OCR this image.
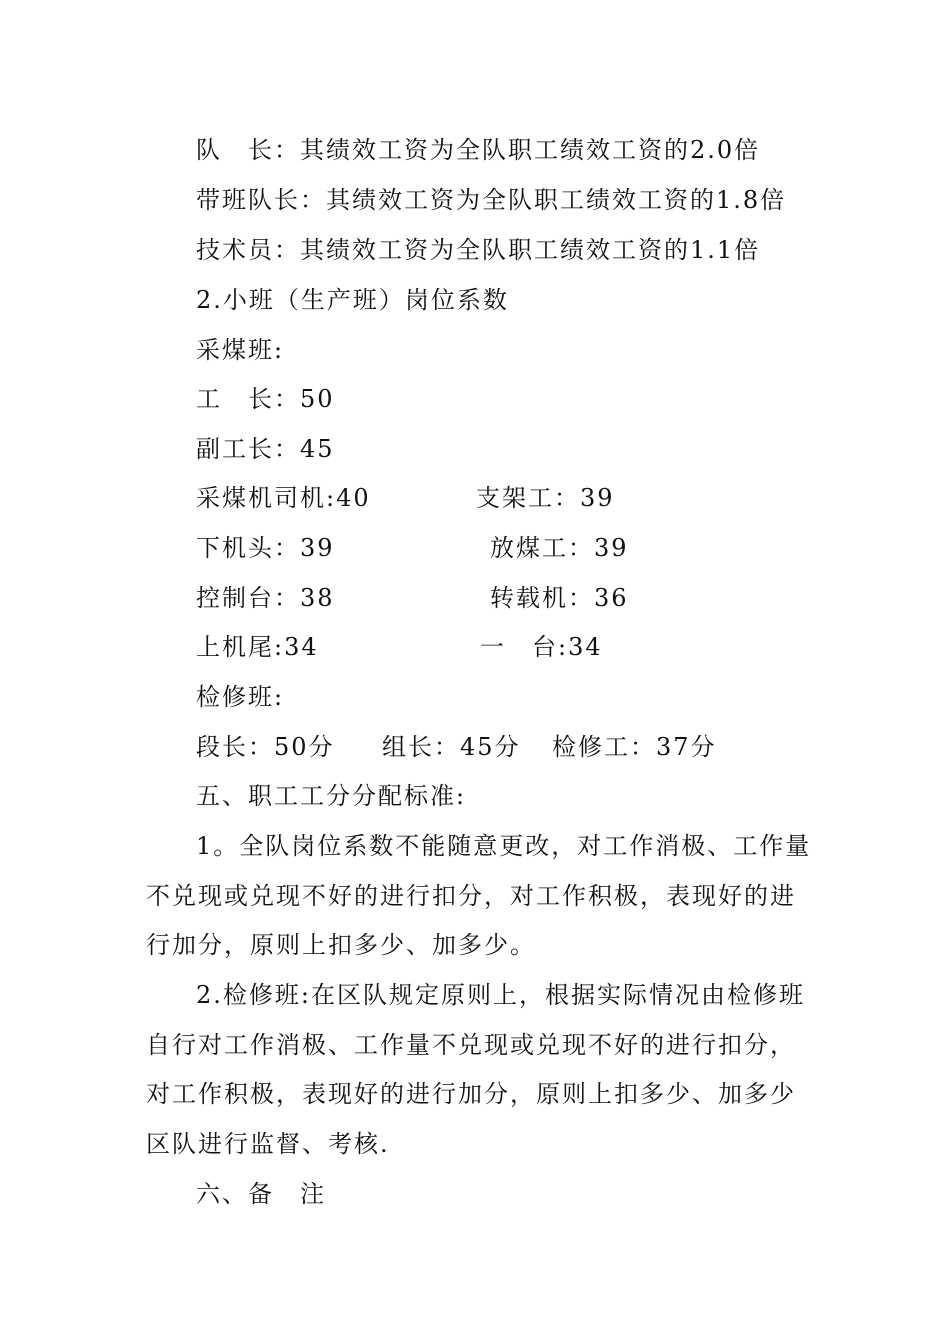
队　长：其绩效工资为全队职工绩效工资的2.0倍
带班队长：其绩效工资为全队职工绩效工资的1.8倍
技术员：其绩效工资为全队职工绩效工资的1.1倍
2.小班（生产班）岗位系数
采煤班:
工　长：50
副工长：45
采煤机司机:40	支架工：39
下机头：39	放煤工：39
控制台：38	转载机：36
上机尾:34	一　台:34
检修班:
段长：50分 组长：45分 检修工：37分
五、职工工分分配标准:
1。全队岗位系数不能随意更改，对工作消极、工作量
不兑现或兑现不好的进行扣分，对工作积极，表现好的进
行加分，原则上扣多少、加多少。
2.检修班:在区队规定原则上，根据实际情况由检修班
自行对工作消极、工作量不兑现或兑现不好的进行扣分，
对工作积极，表现好的进行加分，原则上扣多少、加多少
区队进行监督、考核.
六、备　注
